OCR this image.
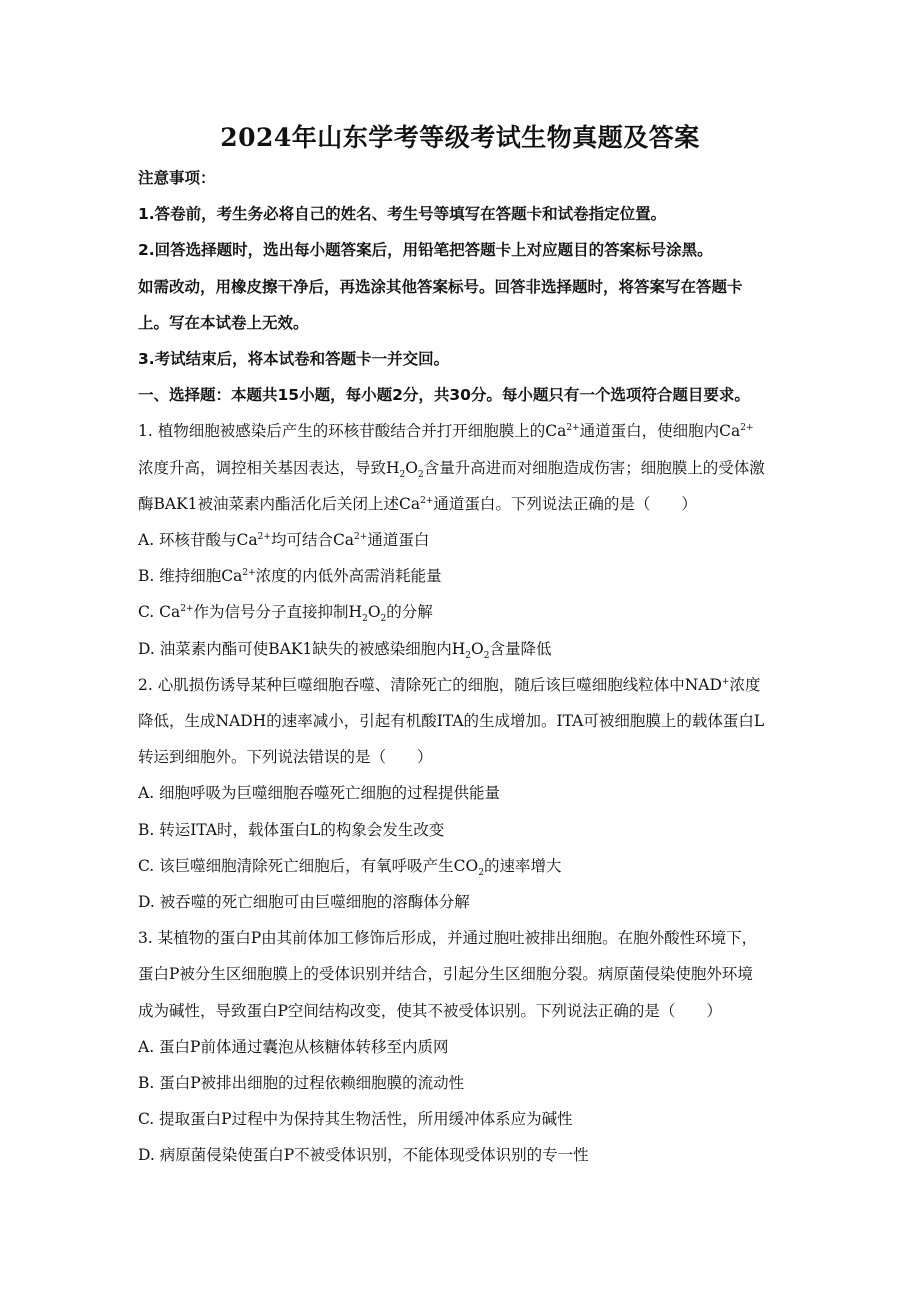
2024年山东学考等级考试生物真题及答案
注意事项：
1.答卷前，考生务必将自己的姓名、考生号等填写在答题卡和试卷指定位置。
2.回答选择题时，选出每小题答案后，用铅笔把答题卡上对应题目的答案标号涂黑。
如需改动，用橡皮擦干净后，再选涂其他答案标号。回答非选择题时，将答案写在答题卡
上。写在本试卷上无效。
3.考试结束后，将本试卷和答题卡一并交回。
一、选择题：本题共15小题，每小题2分，共30分。每小题只有一个选项符合题目要求。
1. 植物细胞被感染后产生的环核苷酸结合并打开细胞膜上的$Ca^{2+}$通道蛋白，使细胞内$Ca^{2+}$
浓度升高，调控相关基因表达，导致$H_2O_2$含量升高进而对细胞造成伤害；细胞膜上的受体激
酶BAK1被油菜素内酯活化后关闭上述$Ca^{2+}$通道蛋白。下列说法正确的是（　　）
A. 环核苷酸与$Ca^{2+}$均可结合$Ca^{2+}$通道蛋白
B. 维持细胞$Ca^{2+}$浓度的内低外高需消耗能量
C. $Ca^{2+}$作为信号分子直接抑制$H_2O_2$的分解
D. 油菜素内酯可使BAK1缺失的被感染细胞内$H_2O_2$含量降低
2. 心肌损伤诱导某种巨噬细胞吞噬、清除死亡的细胞，随后该巨噬细胞线粒体中NAD+浓度
降低，生成NADH的速率减小，引起有机酸ITA的生成增加。ITA可被细胞膜上的载体蛋白L
转运到细胞外。下列说法错误的是（　　）
A. 细胞呼吸为巨噬细胞吞噬死亡细胞的过程提供能量
B. 转运ITA时，载体蛋白L的构象会发生改变
C. 该巨噬细胞清除死亡细胞后，有氧呼吸产生$CO_2$的速率增大
D. 被吞噬的死亡细胞可由巨噬细胞的溶酶体分解
3. 某植物的蛋白P由其前体加工修饰后形成，并通过胞吐被排出细胞。在胞外酸性环境下，
蛋白P被分生区细胞膜上的受体识别并结合，引起分生区细胞分裂。病原菌侵染使胞外环境
成为碱性，导致蛋白P空间结构改变，使其不被受体识别。下列说法正确的是（　　）
A. 蛋白P前体通过囊泡从核糖体转移至内质网
B. 蛋白P被排出细胞的过程依赖细胞膜的流动性
C. 提取蛋白P过程中为保持其生物活性，所用缓冲体系应为碱性
D. 病原菌侵染使蛋白P不被受体识别，不能体现受体识别的专一性
